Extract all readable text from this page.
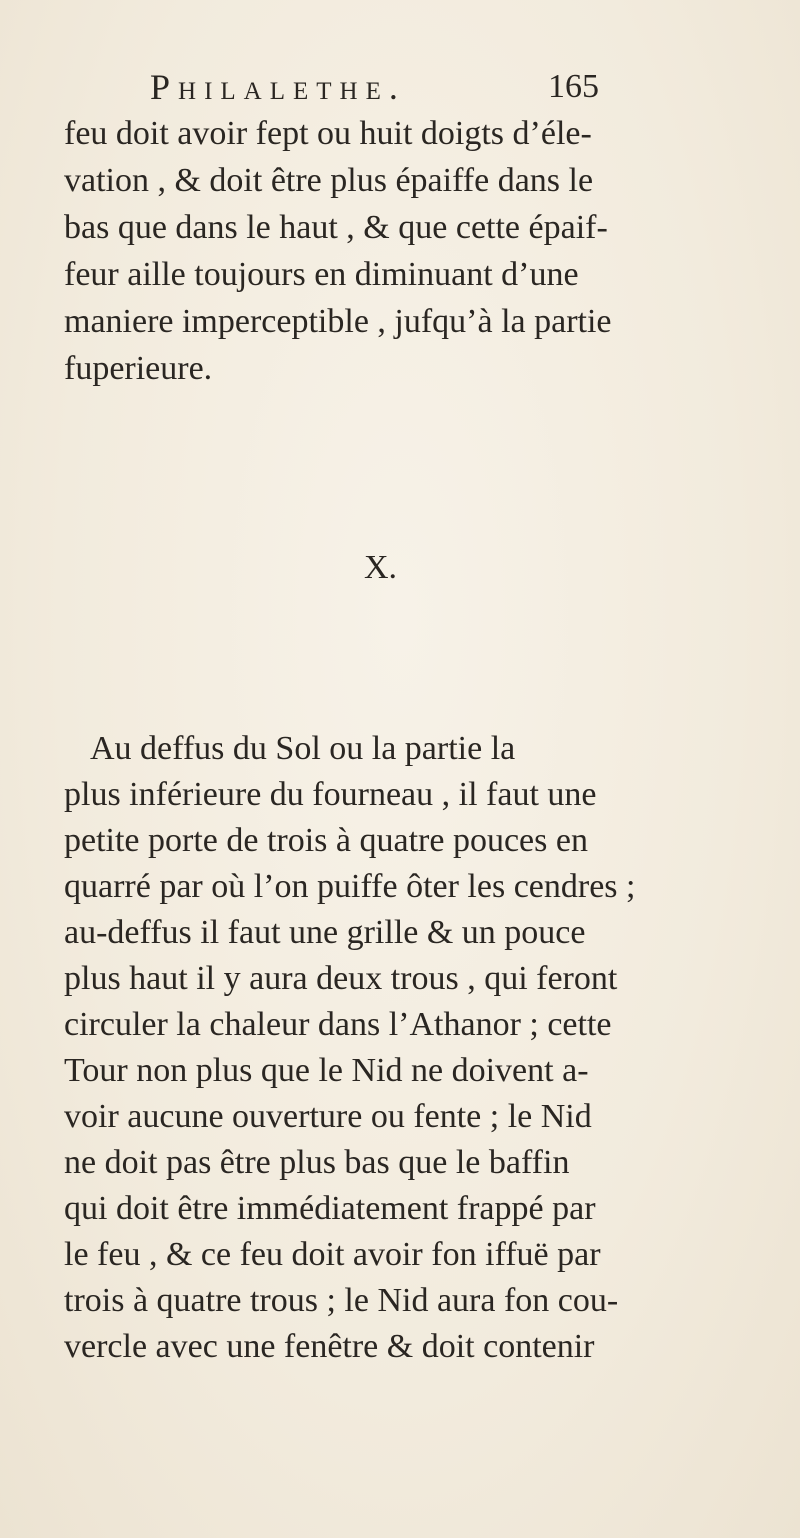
Philalethe.	165
feu doit avoir fept ou huit doigts d’éle-
vation , & doit être plus épaiffe dans le
bas que dans le haut , & que cette épaif-
feur aille toujours en diminuant d’une
maniere imperceptible , jufqu’à la partie
fuperieure.
X.
Au deffus du Sol ou la partie la
plus inférieure du fourneau , il faut une
petite porte de trois à quatre pouces en
quarré par où l’on puiffe ôter les cendres ;
au-deffus il faut une grille & un pouce
plus haut il y aura deux trous , qui feront
circuler la chaleur dans l’Athanor ; cette
Tour non plus que le Nid ne doivent a-
voir aucune ouverture ou fente ; le Nid
ne doit pas être plus bas que le baffin
qui doit être immédiatement frappé par
le feu , & ce feu doit avoir fon iffuë par
trois à quatre trous ; le Nid aura fon cou-
vercle avec une fenêtre & doit contenir
